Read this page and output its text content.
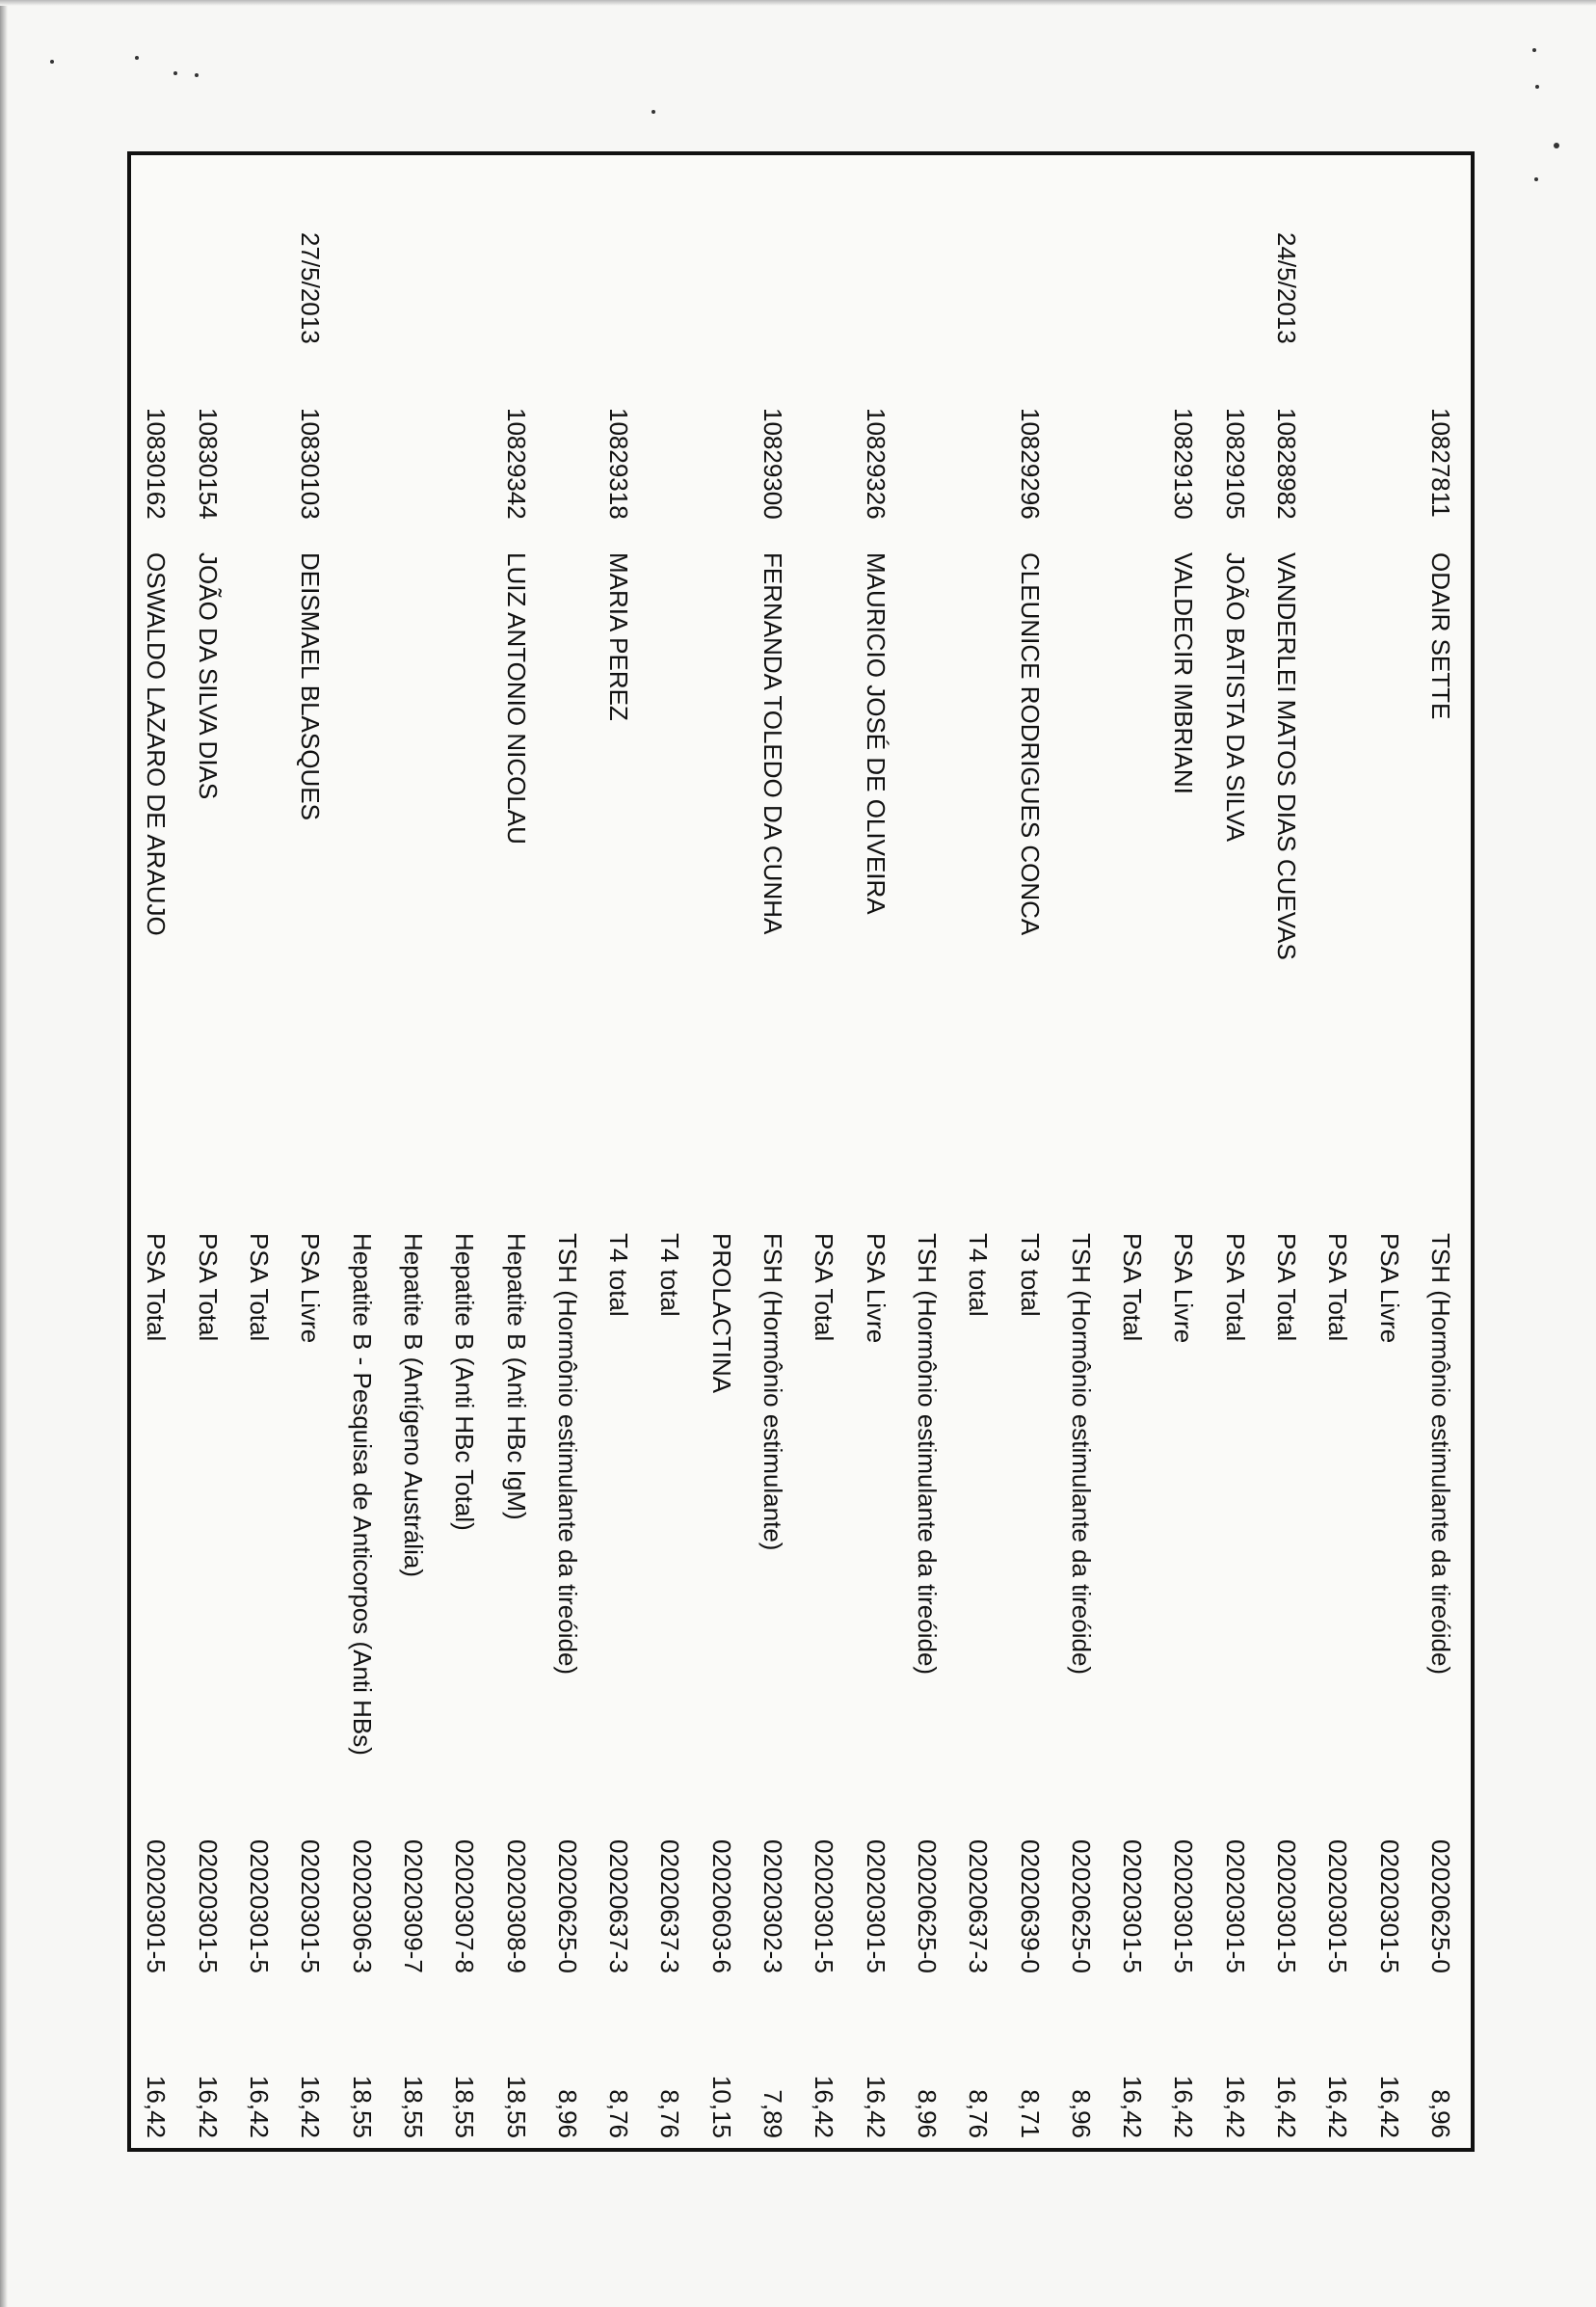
10827811
ODAIR SETTE
TSH (Hormônio estimulante da tireóide)
02020625-0
8,96
PSA Livre
02020301-5
16,42
PSA Total
02020301-5
16,42
24/5/2013
10828982
VANDERLEI MATOS DIAS CUEVAS
PSA Total
02020301-5
16,42
10829105
JOÃO BATISTA DA SILVA
PSA Total
02020301-5
16,42
10829130
VALDECIR IMBRIANI
PSA Livre
02020301-5
16,42
PSA Total
02020301-5
16,42
TSH (Hormônio estimulante da tireóide)
02020625-0
8,96
10829296
CLEUNICE RODRIGUES CONCA
T3 total
02020639-0
8,71
T4 total
02020637-3
8,76
TSH (Hormônio estimulante da tireóide)
02020625-0
8,96
10829326
MAURICIO JOSÉ DE OLIVEIRA
PSA Livre
02020301-5
16,42
PSA Total
02020301-5
16,42
10829300
FERNANDA TOLEDO DA CUNHA
FSH (Hormônio estimulante)
02020302-3
7,89
PROLACTINA
02020603-6
10,15
T4 total
02020637-3
8,76
10829318
MARIA PEREZ
T4 total
02020637-3
8,76
TSH (Hormônio estimulante da tireóide)
02020625-0
8,96
10829342
LUIZ ANTONIO NICOLAU
Hepatite B (Anti HBc IgM)
02020308-9
18,55
Hepatite B (Anti HBc Total)
02020307-8
18,55
Hepatite B (Antígeno Austrália)
02020309-7
18,55
Hepatite B - Pesquisa de Anticorpos (Anti HBs)
02020306-3
18,55
27/5/2013
10830103
DEISMAEL BLASQUES
PSA Livre
02020301-5
16,42
PSA Total
02020301-5
16,42
10830154
JOÃO DA SILVA DIAS
PSA Total
02020301-5
16,42
10830162
OSWALDO LAZARO DE ARAUJO
PSA Total
02020301-5
16,42
